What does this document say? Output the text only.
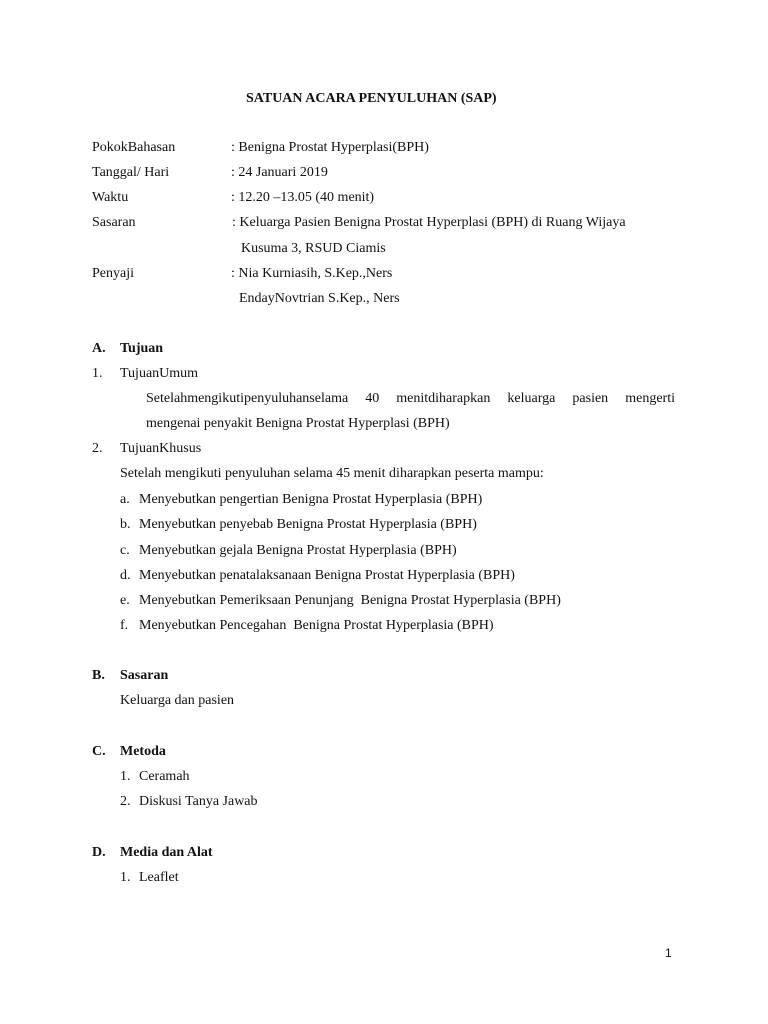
SATUAN ACARA PENYULUHAN (SAP)
PokokBahasan	: Benigna Prostat Hyperplasi(BPH)
Tanggal/ Hari	: 24 Januari 2019
Waktu	: 12.20 –13.05 (40 menit)
Sasaran	: Keluarga Pasien Benigna Prostat Hyperplasi (BPH) di Ruang Wijaya
Kusuma 3, RSUD Ciamis
Penyaji	: Nia Kurniasih, S.Kep.,Ners
EndayNovtrian S.Kep., Ners
A. Tujuan
1. TujuanUmum
Setelahmengikutipenyuluhanselama 40 menitdiharapkan keluarga pasien mengerti
mengenai penyakit Benigna Prostat Hyperplasi (BPH)
2. TujuanKhusus
Setelah mengikuti penyuluhan selama 45 menit diharapkan peserta mampu:
a. Menyebutkan pengertian Benigna Prostat Hyperplasia (BPH)
b. Menyebutkan penyebab Benigna Prostat Hyperplasia (BPH)
c. Menyebutkan gejala Benigna Prostat Hyperplasia (BPH)
d. Menyebutkan penatalaksanaan Benigna Prostat Hyperplasia (BPH)
e. Menyebutkan Pemeriksaan Penunjang  Benigna Prostat Hyperplasia (BPH)
f. Menyebutkan Pencegahan  Benigna Prostat Hyperplasia (BPH)
B. Sasaran
Keluarga dan pasien
C. Metoda
1. Ceramah
2. Diskusi Tanya Jawab
D. Media dan Alat
1. Leaflet
1
